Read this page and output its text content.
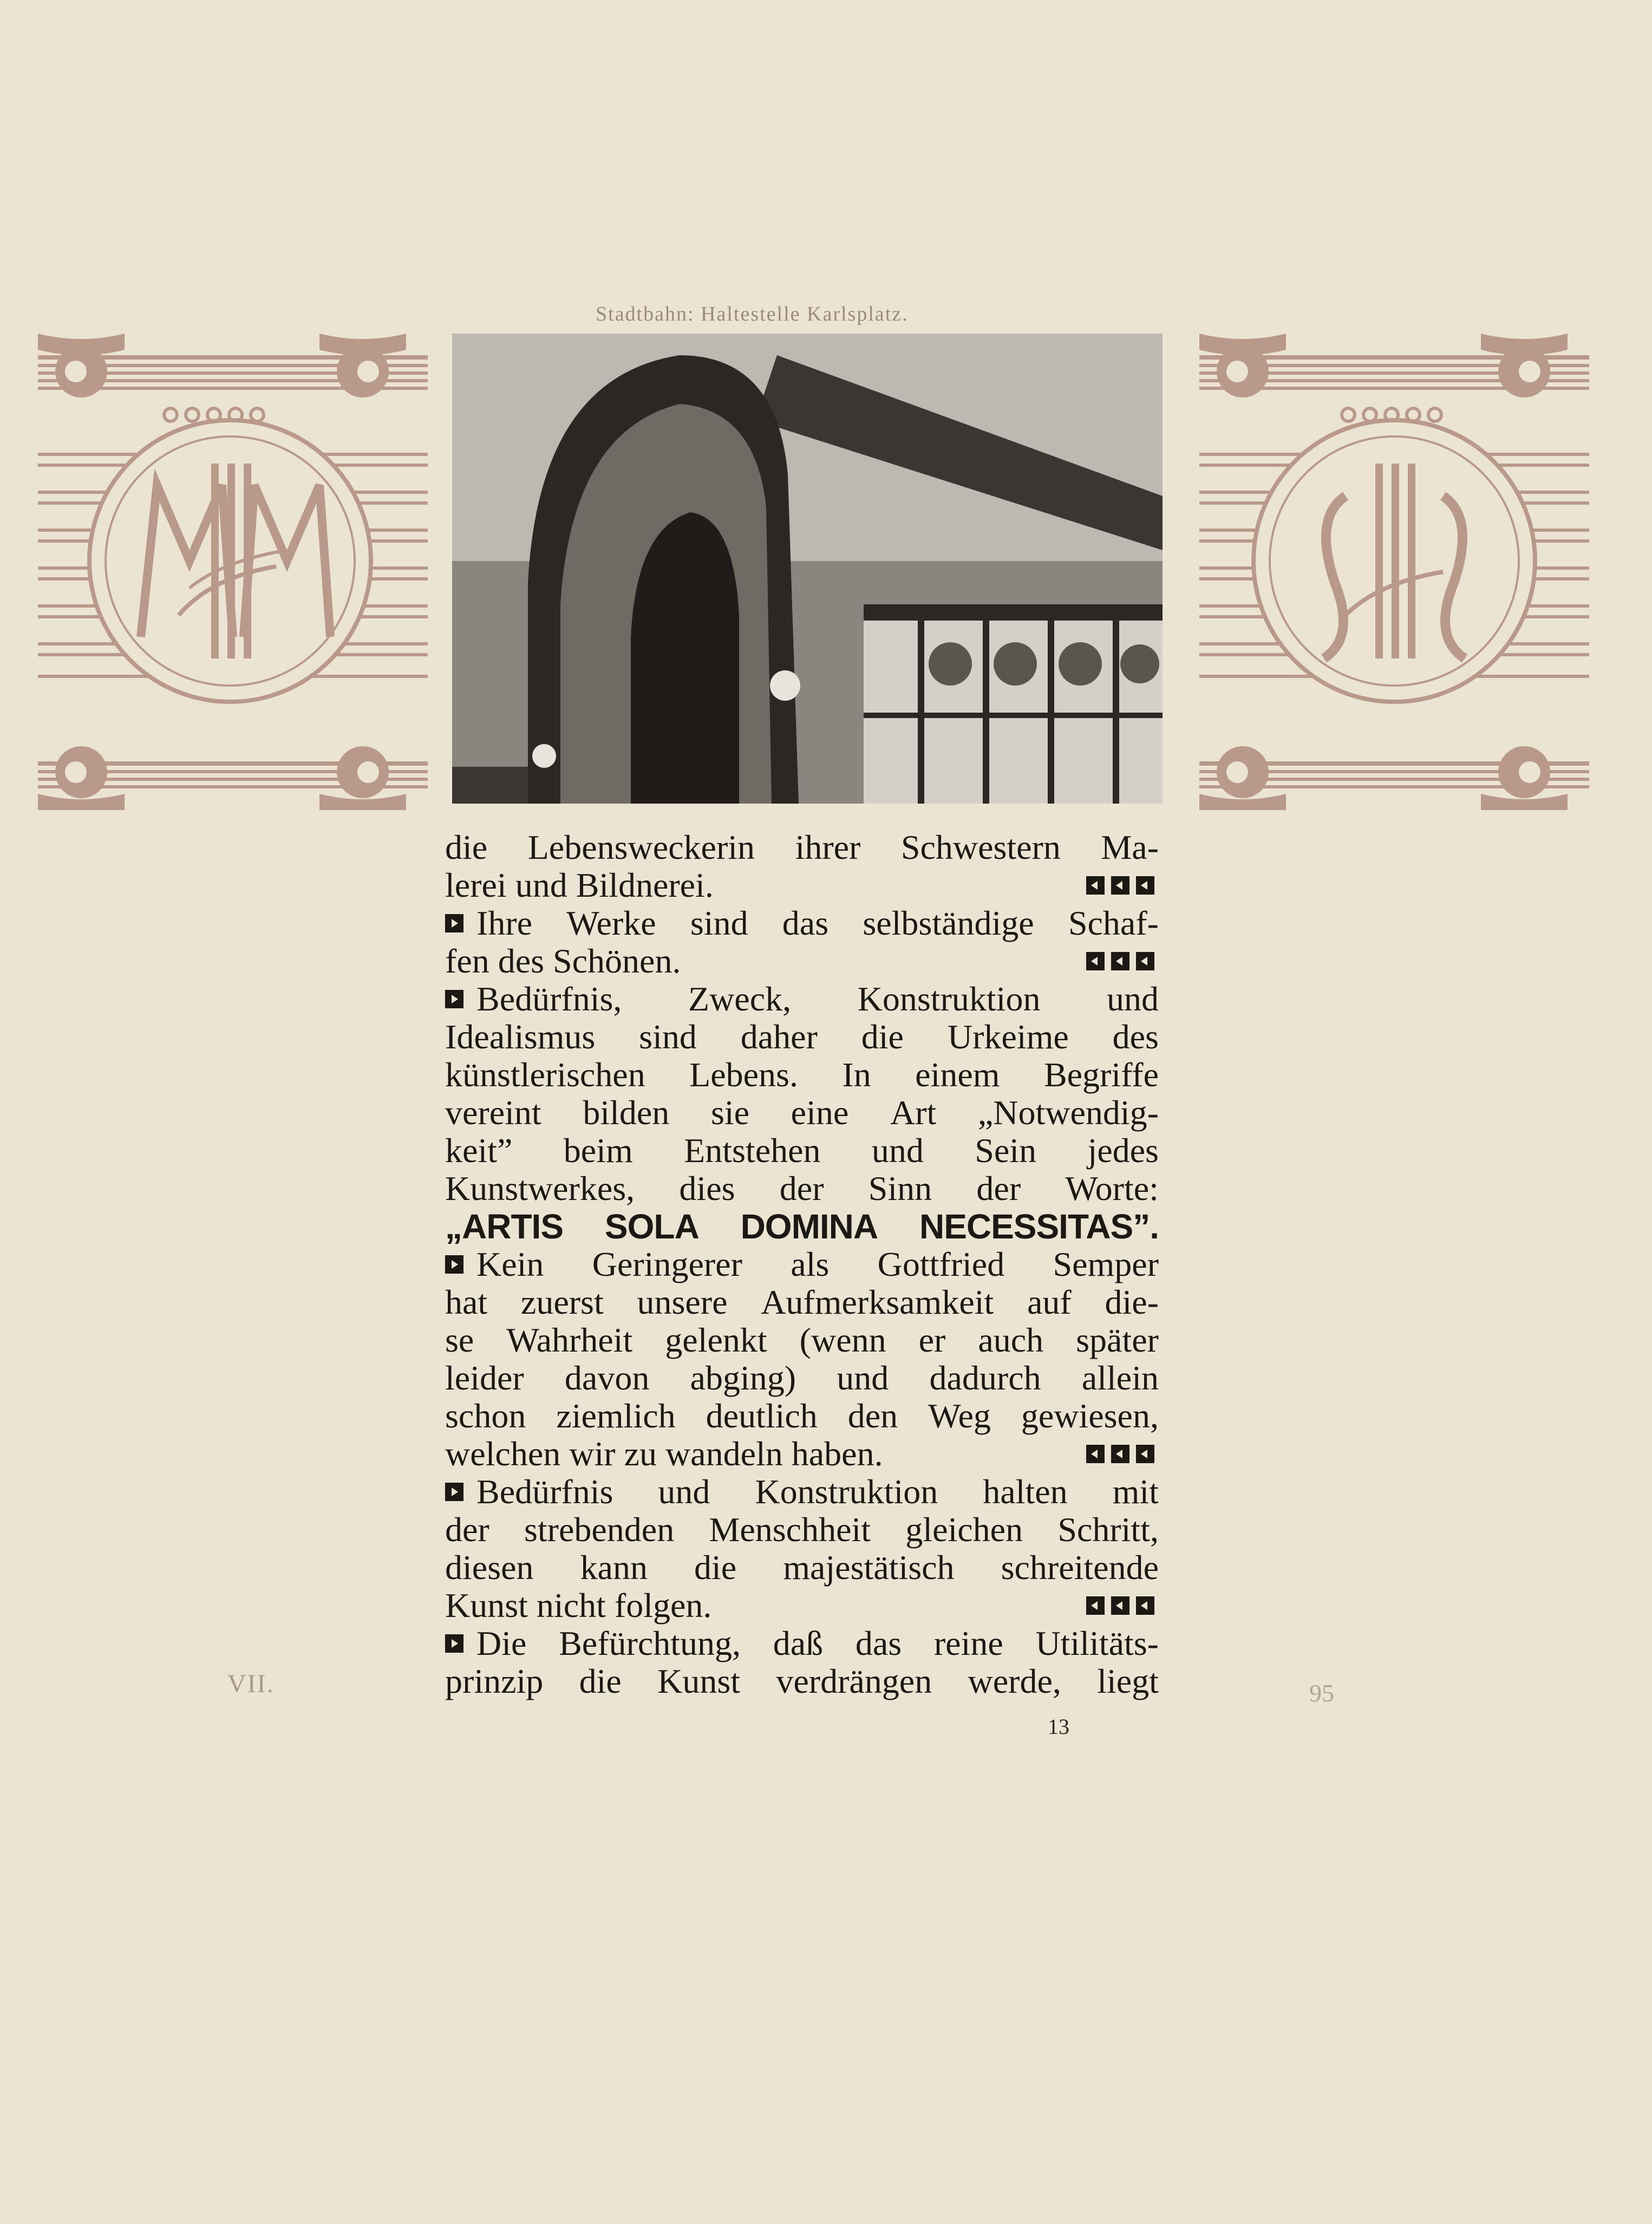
Stadtbahn: Haltestelle Karlsplatz.
die Lebensweckerin ihrer Schwestern Ma-
lerei und Bildnerei.
Ihre Werke sind das selbständige Schaf-
fen des Schönen.
Bedürfnis, Zweck, Konstruktion und
Idealismus sind daher die Urkeime des
künstlerischen Lebens. In einem Begriffe
vereint bilden sie eine Art „Notwendig-
keit” beim Entstehen und Sein jedes
Kunstwerkes, dies der Sinn der Worte:
„ARTIS SOLA DOMINA NECESSITAS”.
Kein Geringerer als Gottfried Semper
hat zuerst unsere Aufmerksamkeit auf die-
se Wahrheit gelenkt (wenn er auch später
leider davon abging) und dadurch allein
schon ziemlich deutlich den Weg gewiesen,
welchen wir zu wandeln haben.
Bedürfnis und Konstruktion halten mit
der strebenden Menschheit gleichen Schritt,
diesen kann die majestätisch schreitende
Kunst nicht folgen.
Die Befürchtung, daß das reine Utilitäts-
prinzip die Kunst verdrängen werde, liegt
VII.	95
13
